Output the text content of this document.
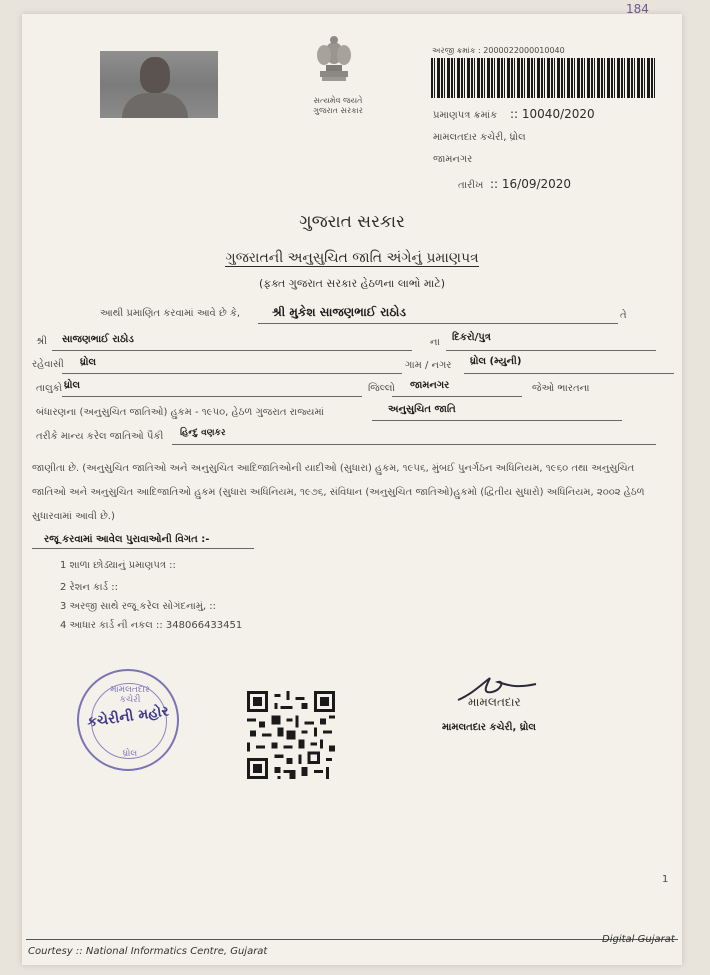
સત્યમેવ જયતે
ગુજરાત સરકાર
અરજી ક્રમાંક : 2000022000010040
પ્રમાણપત્ર ક્રમાંક :: 10040/2020
મામલતદાર કચેરી, ધ્રોલ
જામનગર
તારીખ :: 16/09/2020
ગુજરાત સરકાર
ગુજરાતની અનુસુચિત જાતિ અંગેનું પ્રમાણપત્ર
(ફક્ત ગુજરાત સરકાર હેઠળના લાભો માટે)
આથી પ્રમાણિત કરવામાં આવે છે કે,	શ્રી મુકેશ સાજણભાઈ રાઠોડ	તે
શ્રી સાજણભાઈ રાઠોડ	ના દિકરો/પુત્ર
રહેવાસી ધ્રોલ	ગામ / નગર ધ્રોલ (મ્યુની)
તાલુકો ધ્રોલ	જિલ્લો જામનગર	જેઓ ભારતના
બંધારણના (અનુસુચિત જાતિઓ) હુકમ - ૧૯૫૦, હેઠળ ગુજરાત રાજ્યમાં	અનુસુચિત જાતિ
તરીકે માન્ય કરેલ જાતિઓ પૈકી હિન્દુ વણકર
જાણીતા છે. (અનુસુચિત જાતિઓ અને અનુસુચિત આદિજાતિઓની યાદીઓ (સુધારા) હુકમ, ૧૯૫૬, મુંબઈ પુનર્ગઠન અધિનિયમ, ૧૯૬૦ તથા અનુસુચિત જાતિઓ અને અનુસુચિત આદિજાતિઓ હુકમ (સુધારા અધિનિયમ, ૧૯૭૬, સંવિધાન (અનુસુચિત જાતિઓ)હુકમો (દ્વિતીય સુધારો) અધિનિયમ, ૨૦૦૨ હેઠળ સુધારવામાં આવી છે.)
રજૂ કરવામાં આવેલ પુરાવાઓની વિગત :-
1 શાળા છોડ્યાનું પ્રમાણપત્ર ::
2 રેશન કાર્ડ ::
3 અરજી સાથે રજૂ કરેલ સોગંદનામું, ::
4 આધાર કાર્ડ ની નકલ :: 348066433451
મામલતદાર કચેરી
કચેરીની મહોર
ધ્રોલ
મામલતદાર
મામલતદાર કચેરી, ધ્રોલ
1
Digital Gujarat
Courtesy :: National Informatics Centre, Gujarat
184
